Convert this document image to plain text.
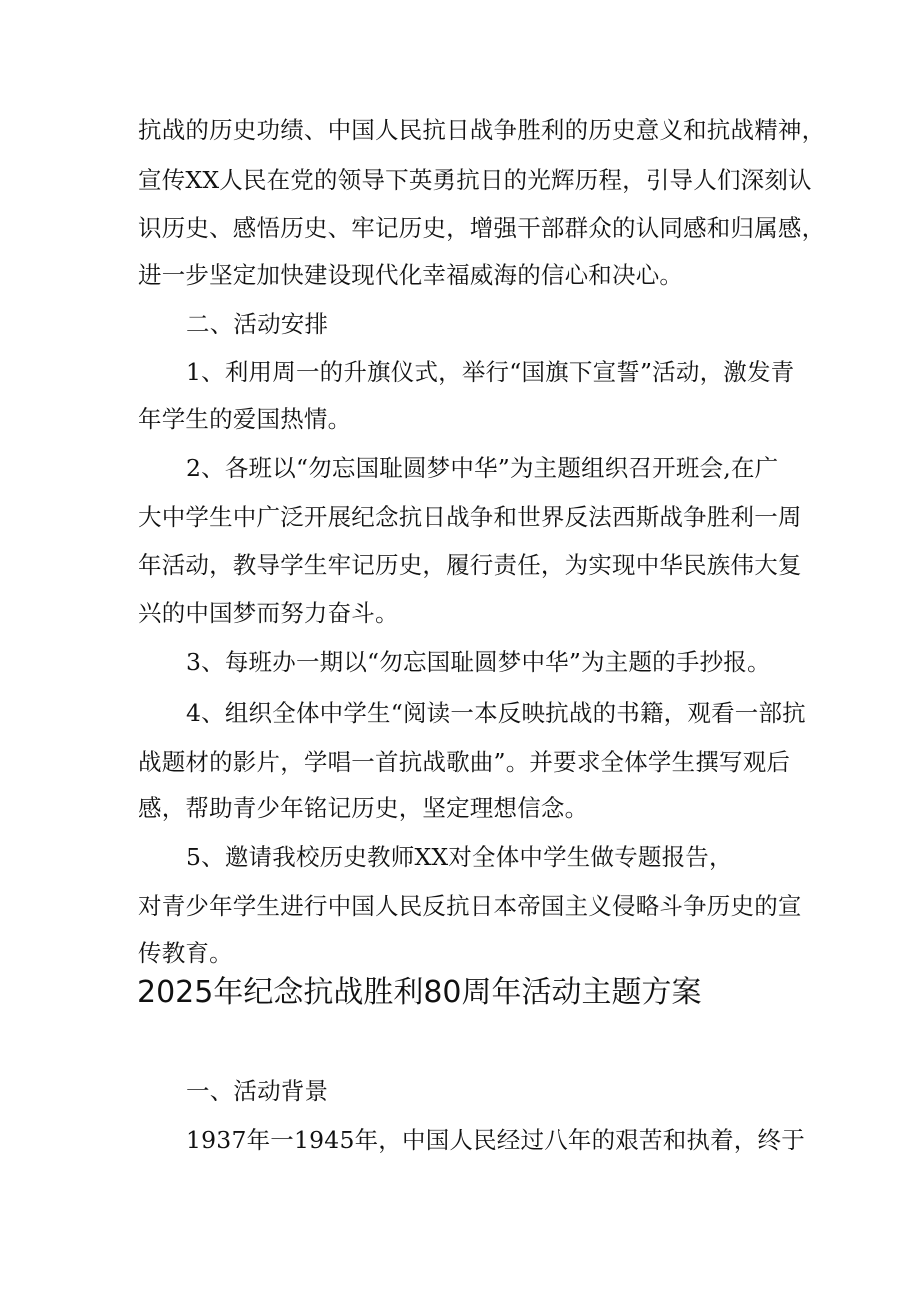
抗战的历史功绩、中国人民抗日战争胜利的历史意义和抗战精神，
宣传XX人民在党的领导下英勇抗日的光辉历程，引导人们深刻认
识历史、感悟历史、牢记历史，增强干部群众的认同感和归属感，
进一步坚定加快建设现代化幸福威海的信心和决心。
二、活动安排
1、利用周一的升旗仪式，举行“国旗下宣誓”活动，激发青
年学生的爱国热情。
2、各班以“勿忘国耻圆梦中华”为主题组织召开班会,在广
大中学生中广泛开展纪念抗日战争和世界反法西斯战争胜利一周
年活动，教导学生牢记历史，履行责任，为实现中华民族伟大复
兴的中国梦而努力奋斗。
3、每班办一期以“勿忘国耻圆梦中华”为主题的手抄报。
4、组织全体中学生“阅读一本反映抗战的书籍，观看一部抗
战题材的影片，学唱一首抗战歌曲”。并要求全体学生撰写观后
感，帮助青少年铭记历史，坚定理想信念。
5、邀请我校历史教师XX对全体中学生做专题报告，
对青少年学生进行中国人民反抗日本帝国主义侵略斗争历史的宣
传教育。
2025年纪念抗战胜利80周年活动主题方案
一、活动背景
1937年一1945年，中国人民经过八年的艰苦和执着，终于
